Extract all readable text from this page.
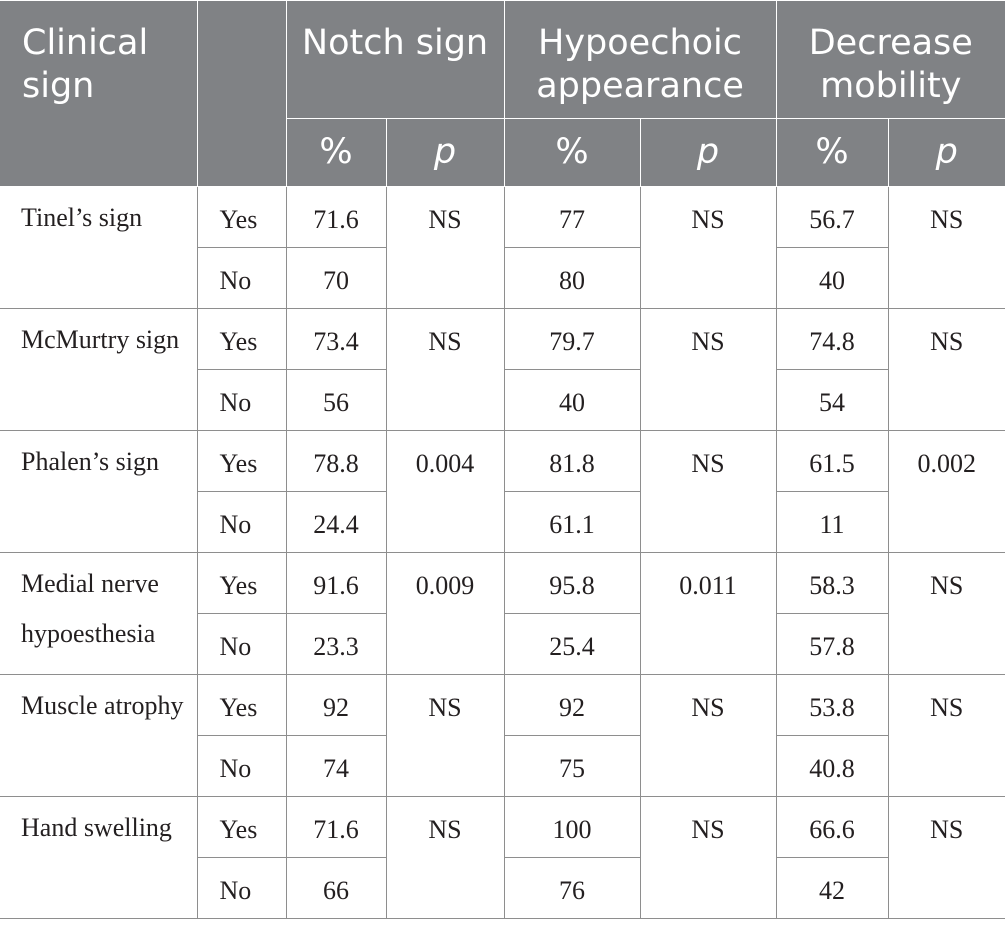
Clinical sign		Notch sign		Hypoechoic appearance		Decrease mobility	
		%	p	%	p	%	p
Tinel’s sign	Yes	71.6	NS	77	NS	56.7	NS
	No	70		80		40	
McMurtry sign	Yes	73.4	NS	79.7	NS	74.8	NS
	No	56		40		54	
Phalen’s sign	Yes	78.8	0.004	81.8	NS	61.5	0.002
	No	24.4		61.1		11	
Medial nerve hypoesthesia	Yes	91.6	0.009	95.8	0.011	58.3	NS
	No	23.3		25.4		57.8	
Muscle atrophy	Yes	92	NS	92	NS	53.8	NS
	No	74		75		40.8	
Hand swelling	Yes	71.6	NS	100	NS	66.6	NS
	No	66		76		42	
